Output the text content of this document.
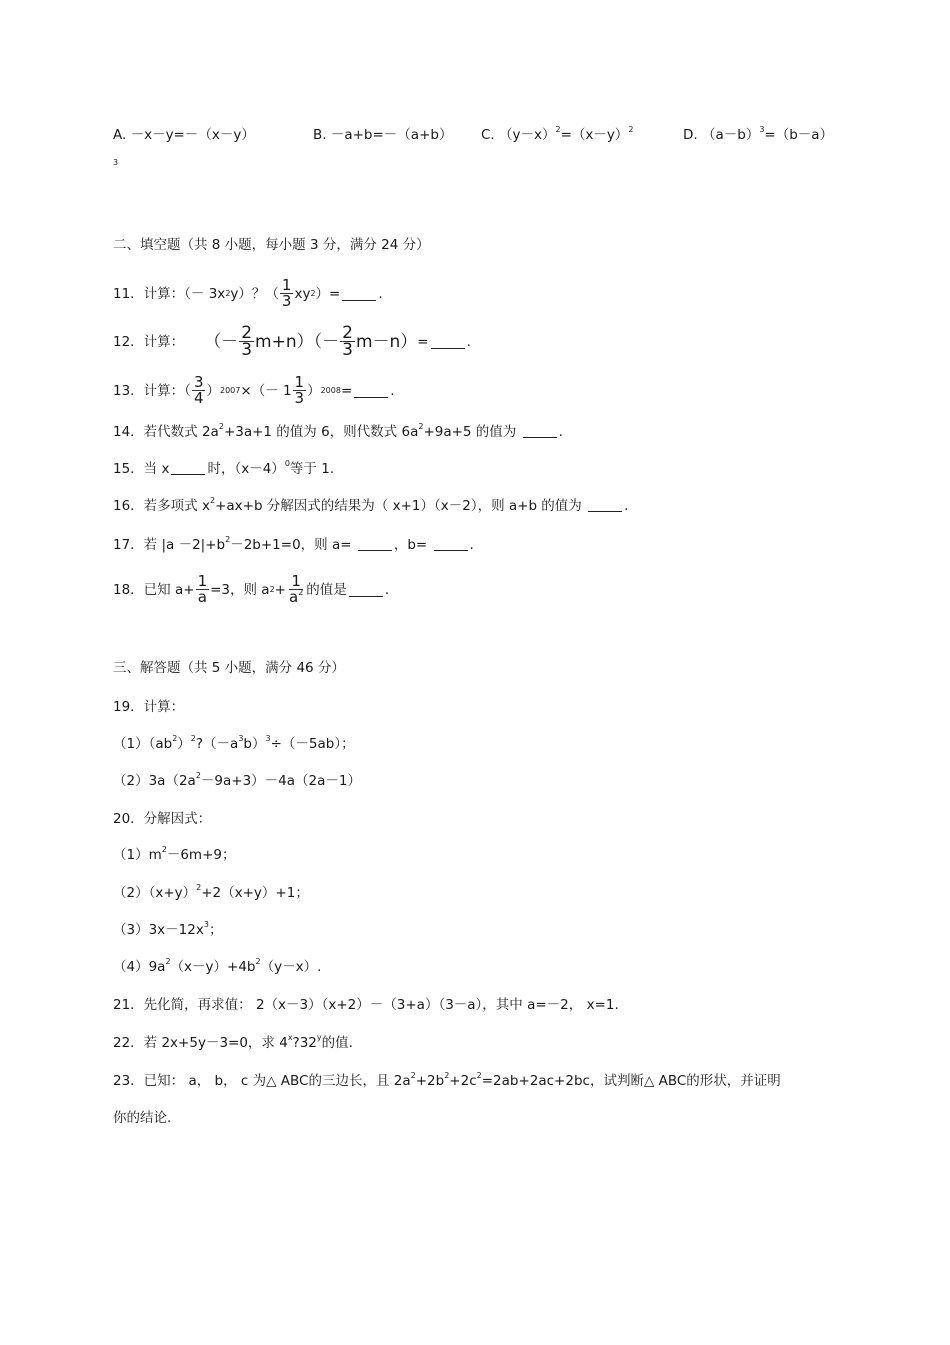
A. －x－y=－（x－y）	B. －a+b=－（a+b） C. $(y-x)^2=(x-y)^2$	D. $(a-b)^3=(b-a)$
3
二、填空题（共 8 小题，每小题 3 分，满分 24 分）
11．计算：（－ 3x 2 y）？（ $\frac{1}{3}$ xy 2 ）=	.
12．计算： （－ $\frac{2}{3} m+n)(- \frac{2}{3} m-n)$ =	.
13．计算：（ $\frac{3}{4}$ ） 2007 ×（－ $1 \frac{1}{3}$ ） 2008 =	.
14．若代数式 $2a^2+3a+1$ 的值为 6，则代数式 $6a^2+9a+5$ 的值为	.
15．当 x	时，$(x-4)^0$等于 1.
16．若多项式 $x^2+ax+b$ 分解因式的结果为（ x+1）（x－2），则 a+b 的值为	.
17．若 $|a -2|+b^2-2b+1=0$，则 a=	，b=	.
18．已知 $a+ \frac{1}{a} =3$，则 a $2 + \frac{1}{a^2}$ 的值是	.
三、解答题（共 5 小题，满分 46 分）
19．计算：
$(1)(ab^2)^2?(-a^3b)^3\div(-5ab)$；
$(2)3a(2a^2-9a+3)-4a(2a-1)$
20．分解因式：
$(1)m^2-6m+9$；
$(2)(x+y)^2+2(x+y)+1$；
$(3)3x-12x^3$；
$(4)9a^2(x-y)+4b^2(y-x)$.
21．先化简，再求值： 2（x－3）（x+2）－（3+a）（3－a），其中 a=－2， x=1.
22．若 2x+5y－3=0，求 4$^x$?32$^y$的值.
23．已知： a， b， c 为△ ABC的三边长，且 $2a^2+2b^2+2c^2=2ab+2ac+2bc$，试判断△ ABC的形状，并证明
你的结论.
